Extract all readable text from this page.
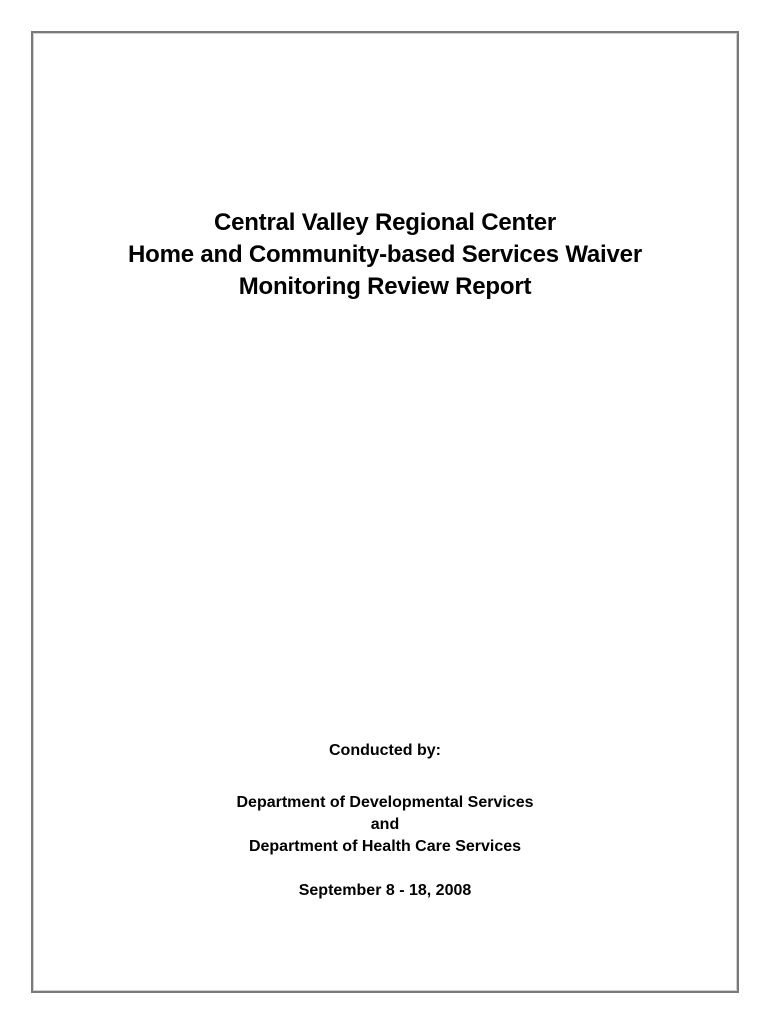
Central Valley Regional Center
Home and Community-based Services Waiver
Monitoring Review Report
Conducted by:
Department of Developmental Services
and
Department of Health Care Services
September 8 - 18, 2008
